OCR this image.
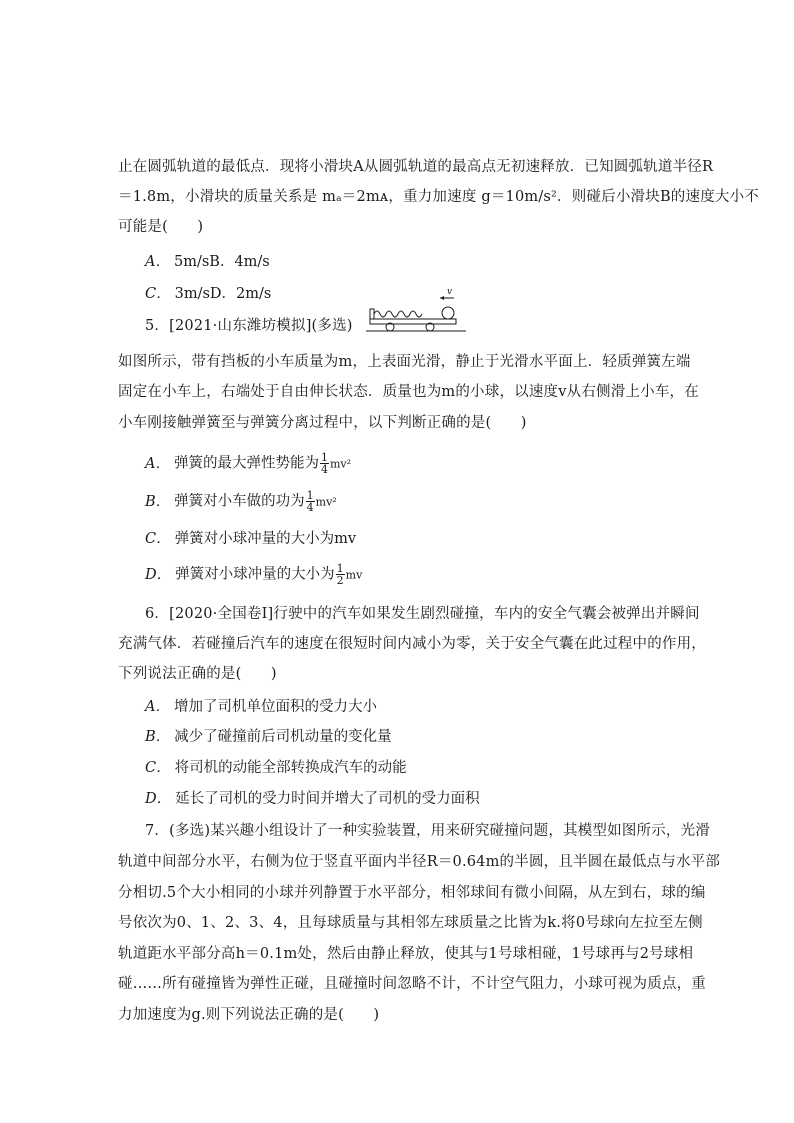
止在圆弧轨道的最低点．现将小滑块A从圆弧轨道的最高点无初速释放．已知圆弧轨道半径R
＝1.8m，小滑块的质量关系是 mₐ＝2mᴀ，重力加速度 g＝10m/s²．则碰后小滑块B的速度大小不
可能是(　　)
A． 5m/sB．4m/s
C． 3m/sD．2m/s
5．[2021·山东潍坊模拟](多选)
v
如图所示，带有挡板的小车质量为m，上表面光滑，静止于光滑水平面上．轻质弹簧左端
固定在小车上，右端处于自由伸长状态．质量也为m的小球，以速度v从右侧滑上小车，在
小车刚接触弹簧至与弹簧分离过程中，以下判断正确的是(　　)
A． 弹簧的最大弹性势能为 $\frac{1}{4} mv^2$
B． 弹簧对小车做的功为 $\frac{1}{4} mv^2$
C． 弹簧对小球冲量的大小为mv
D． 弹簧对小球冲量的大小为 $\frac{1}{2}$ mv
6．[2020·全国卷Ⅰ]行驶中的汽车如果发生剧烈碰撞，车内的安全气囊会被弹出并瞬间
充满气体．若碰撞后汽车的速度在很短时间内减小为零，关于安全气囊在此过程中的作用，
下列说法正确的是(　　)
A． 增加了司机单位面积的受力大小
B． 减少了碰撞前后司机动量的变化量
C． 将司机的动能全部转换成汽车的动能
D． 延长了司机的受力时间并增大了司机的受力面积
7．(多选)某兴趣小组设计了一种实验装置，用来研究碰撞问题，其模型如图所示，光滑
轨道中间部分水平，右侧为位于竖直平面内半径R＝0.64m的半圆，且半圆在最低点与水平部
分相切.5个大小相同的小球并列静置于水平部分，相邻球间有微小间隔，从左到右，球的编
号依次为0、1、2、3、4，且每球质量与其相邻左球质量之比皆为k.将0号球向左拉至左侧
轨道距水平部分高h＝0.1m处，然后由静止释放，使其与1号球相碰，1号球再与2号球相
碰……所有碰撞皆为弹性正碰，且碰撞时间忽略不计，不计空气阻力，小球可视为质点，重
力加速度为g.则下列说法正确的是(　　)
